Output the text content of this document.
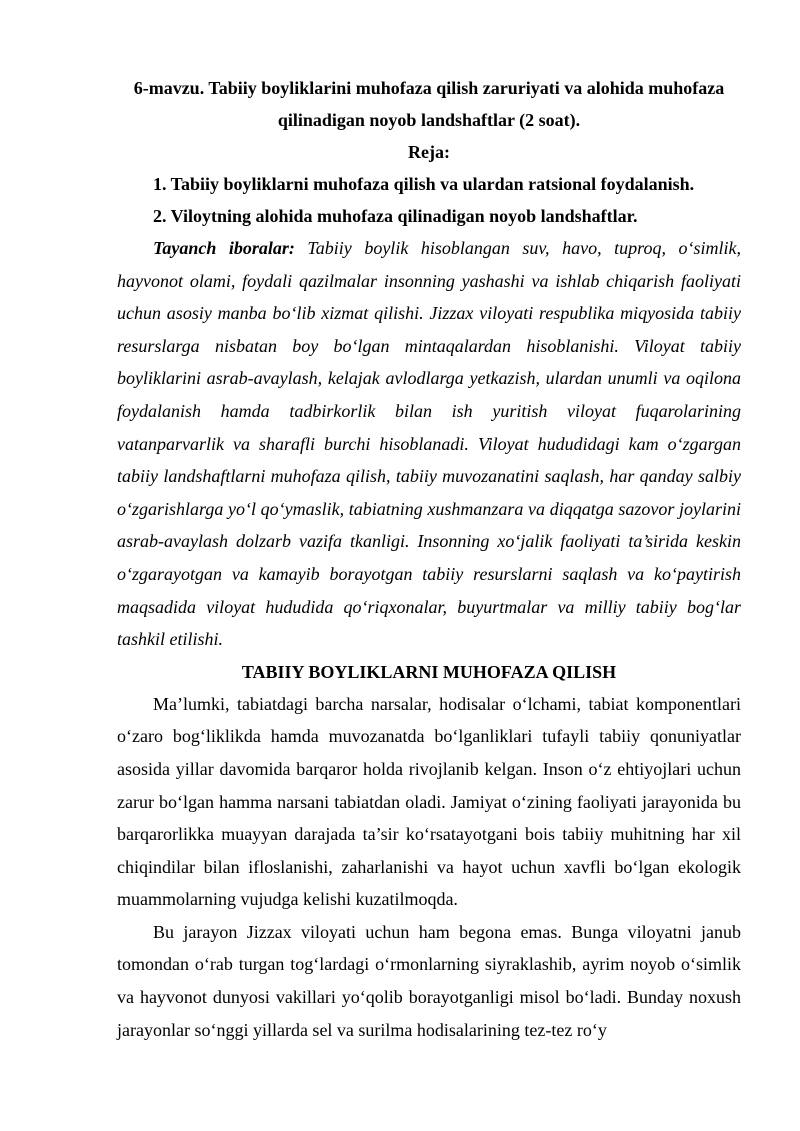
6-mavzu. Tabiiy boyliklarini muhofaza qilish zaruriyati va alohida muhofaza
qilinadigan noyob landshaftlar (2 soat).

Reja:

1. Tabiiy boyliklarni muhofaza qilish va ulardan ratsional foydalanish.

2. Viloytning alohida muhofaza qilinadigan noyob landshaftlar.

Tayanch iboralar: Tabiiy boylik hisoblangan suv, havo, tuproq, o‘simlik, hayvonot olami, foydali qazilmalar insonning yashashi va ishlab chiqarish faoliyati uchun asosiy manba bo‘lib xizmat qilishi. Jizzax viloyati respublika miqyosida tabiiy resurslarga nisbatan boy bo‘lgan mintaqalardan hisoblanishi. Viloyat tabiiy boyliklarini asrab-avaylash, kelajak avlodlarga yetkazish, ulardan unumli va oqilona foydalanish hamda tadbirkorlik bilan ish yuritish viloyat fuqarolarining vatanparvarlik va sharafli burchi hisoblanadi. Viloyat hududidagi kam o‘zgargan tabiiy landshaftlarni muhofaza qilish, tabiiy muvozanatini saqlash, har qanday salbiy o‘zgarishlarga yo‘l qo‘ymaslik, tabiatning xushmanzara va diqqatga sazovor joylarini asrab-avaylash dolzarb vazifa tkanligi. Insonning xo‘jalik faoliyati ta’sirida keskin o‘zgarayotgan va kamayib borayotgan tabiiy resurslarni saqlash va ko‘paytirish maqsadida viloyat hududida qo‘riqxonalar, buyurtmalar va milliy tabiiy bog‘lar tashkil etilishi.

TABIIY BOYLIKLARNI MUHOFAZA QILISH

Ma’lumki, tabiatdagi barcha narsalar, hodisalar o‘lchami, tabiat komponentlari o‘zaro bog‘liklikda hamda muvozanatda bo‘lganliklari tufayli tabiiy qonuniyatlar asosida yillar davomida barqaror holda rivojlanib kelgan. Inson o‘z ehtiyojlari uchun zarur bo‘lgan hamma narsani tabiatdan oladi. Jamiyat o‘zining faoliyati jarayonida bu barqarorlikka muayyan darajada ta’sir ko‘rsatayotgani bois tabiiy muhitning har xil chiqindilar bilan ifloslanishi, zaharlanishi va hayot uchun xavfli bo‘lgan ekologik muammolarning vujudga kelishi kuzatilmoqda.

Bu jarayon Jizzax viloyati uchun ham begona emas. Bunga viloyatni janub tomondan o‘rab turgan tog‘lardagi o‘rmonlarning siyraklashib, ayrim noyob o‘simlik va hayvonot dunyosi vakillari yo‘qolib borayotganligi misol bo‘ladi. Bunday noxush jarayonlar so‘nggi yillarda sel va surilma hodisalarining tez-tez ro‘y
